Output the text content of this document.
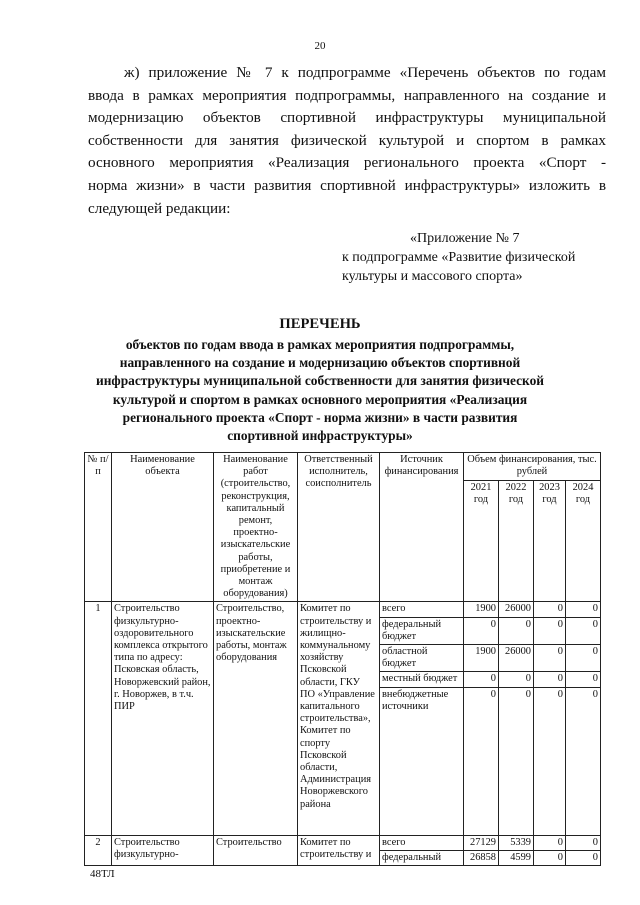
20
ж) приложение № 7 к подпрограмме «Перечень объектов по годам
ввода в рамках мероприятия подпрограммы, направленного на создание и
модернизацию объектов спортивной инфраструктуры муниципальной
собственности для занятия физической культурой и спортом в рамках
основного мероприятия «Реализация регионального проекта «Спорт -
норма жизни» в части развития спортивной инфраструктуры» изложить в
следующей редакции:
«Приложение № 7
к подпрограмме «Развитие физической
культуры и массового спорта»
ПЕРЕЧЕНЬ
объектов по годам ввода в рамках мероприятия подпрограммы,
направленного на создание и модернизацию объектов спортивной
инфраструктуры муниципальной собственности для занятия физической
культурой и спортом в рамках основного мероприятия «Реализация
регионального проекта «Спорт - норма жизни» в части развития
спортивной инфраструктуры»
№ п/п	Наименование объекта	Наименование работ (строительство, реконструкция, капитальный ремонт, проектно-изыскательские работы, приобретение и монтаж оборудования)	Ответственный исполнитель, соисполнитель	Источник финансирования	Объем финансирования, тыс. рублей			
					2021 год	2022 год	2023 год	2024 год
1	Строительство физкультурно-оздоровительного комплекса открытого типа по адресу: Псковская область, Новоржевский район, г. Новоржев, в т.ч. ПИР	Строительство, проектно-изыскательские работы, монтаж оборудования	Комитет по строительству и жилищно-коммунальному хозяйству Псковской области, ГКУ ПО «Управление капитального строительства», Комитет по спорту Псковской области, Администрация Новоржевского района	всего	1900	26000	0	0
				федеральный бюджет	0	0	0	0
				областной бюджет	1900	26000	0	0
				местный бюджет	0	0	0	0
				внебюджетные источники	0	0	0	0
2	Строительство физкультурно-	Строительство	Комитет по строительству и	всего	27129	5339	0	0
				федеральный	26858	4599	0	0
48ТЛ
